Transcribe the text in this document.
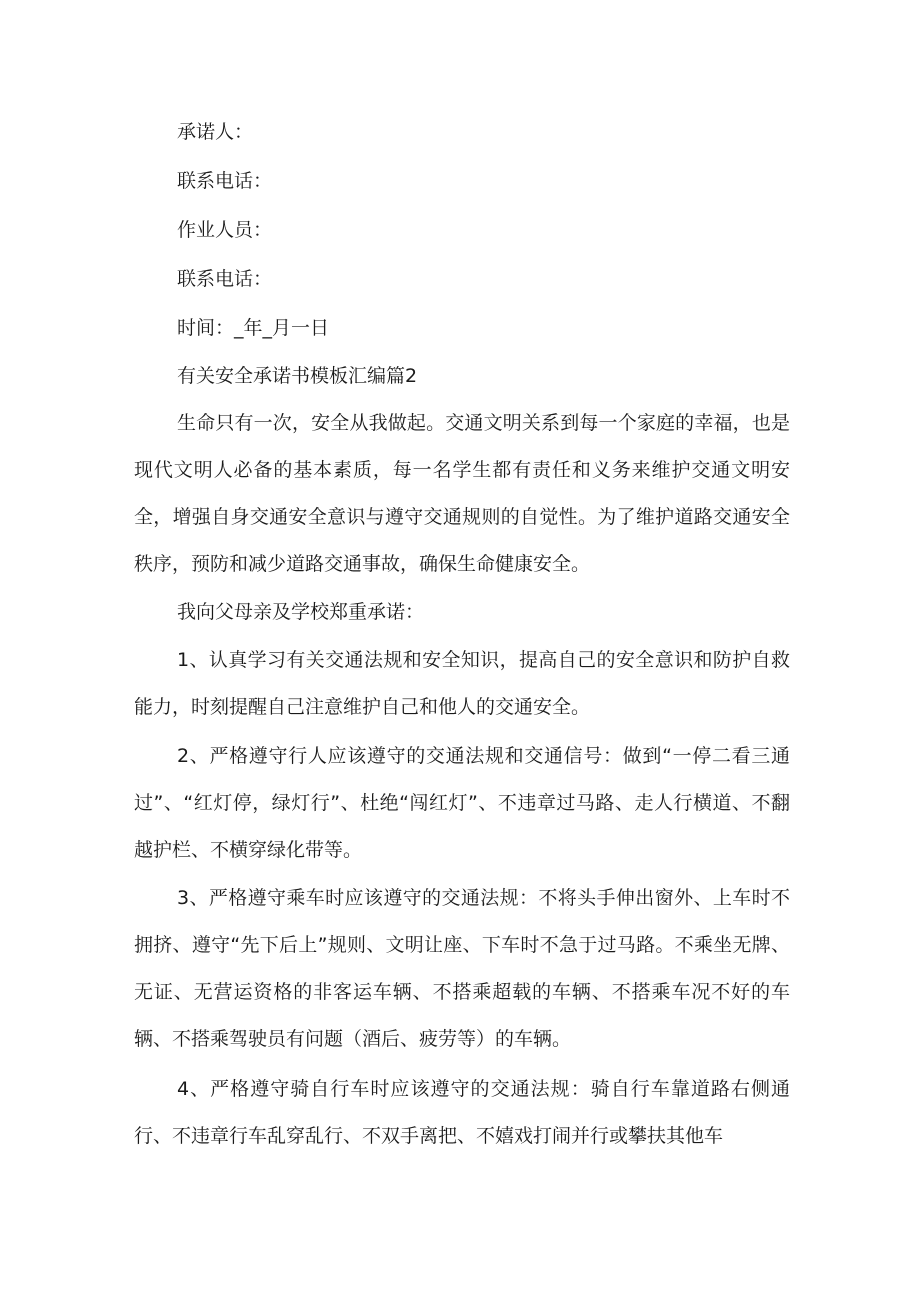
承诺人：
联系电话：
作业人员：
联系电话：
时间：_年_月一日
有关安全承诺书模板汇编篇2

生命只有一次，安全从我做起。交通文明关系到每一个家庭的幸福，也是现代文明人必备的基本素质，每一名学生都有责任和义务来维护交通文明安全，增强自身交通安全意识与遵守交通规则的自觉性。为了维护道路交通安全秩序，预防和减少道路交通事故，确保生命健康安全。

我向父母亲及学校郑重承诺：

1、认真学习有关交通法规和安全知识，提高自己的安全意识和防护自救能力，时刻提醒自己注意维护自己和他人的交通安全。

2、严格遵守行人应该遵守的交通法规和交通信号：做到“一停二看三通过”、“红灯停，绿灯行”、杜绝“闯红灯”、不违章过马路、走人行横道、不翻越护栏、不横穿绿化带等。

3、严格遵守乘车时应该遵守的交通法规：不将头手伸出窗外、上车时不拥挤、遵守“先下后上”规则、文明让座、下车时不急于过马路。不乘坐无牌、无证、无营运资格的非客运车辆、不搭乘超载的车辆、不搭乘车况不好的车辆、不搭乘驾驶员有问题（酒后、疲劳等）的车辆。

4、严格遵守骑自行车时应该遵守的交通法规：骑自行车靠道路右侧通行、不违章行车乱穿乱行、不双手离把、不嬉戏打闹并行或攀扶其他车
